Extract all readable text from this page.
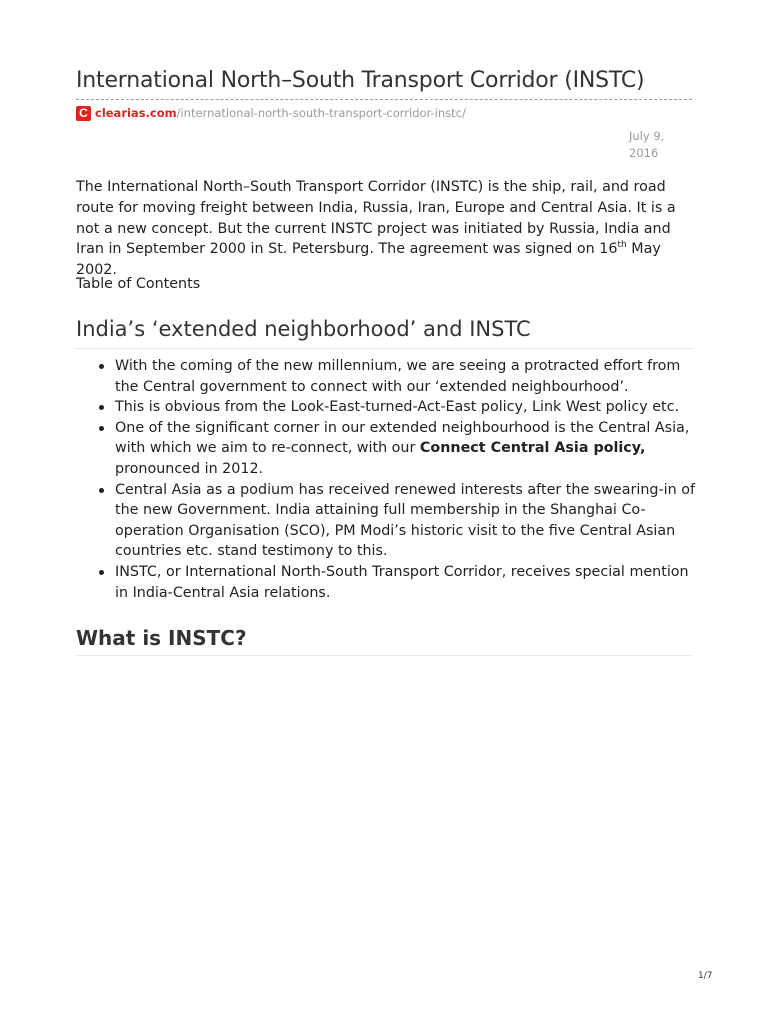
International North–South Transport Corridor (INSTC)
C clearias.com/international-north-south-transport-corridor-instc/
July 9,
2016

The International North–South Transport Corridor (INSTC) is the ship, rail, and road route for moving freight between India, Russia, Iran, Europe and Central Asia. It is a not a new concept. But the current INSTC project was initiated by Russia, India and Iran in September 2000 in St. Petersburg. The agreement was signed on 16th May 2002.

Table of Contents

India’s ‘extended neighborhood’ and INSTC
With the coming of the new millennium, we are seeing a protracted effort from the Central government to connect with our ‘extended neighbourhood’.
This is obvious from the Look-East-turned-Act-East policy, Link West policy etc.
One of the significant corner in our extended neighbourhood is the Central Asia, with which we aim to re-connect, with our Connect Central Asia policy, pronounced in 2012.
Central Asia as a podium has received renewed interests after the swearing-in of the new Government. India attaining full membership in the Shanghai Co-operation Organisation (SCO), PM Modi’s historic visit to the five Central Asian countries etc. stand testimony to this.
INSTC, or International North-South Transport Corridor, receives special mention in India-Central Asia relations.
What is INSTC?
1/7
